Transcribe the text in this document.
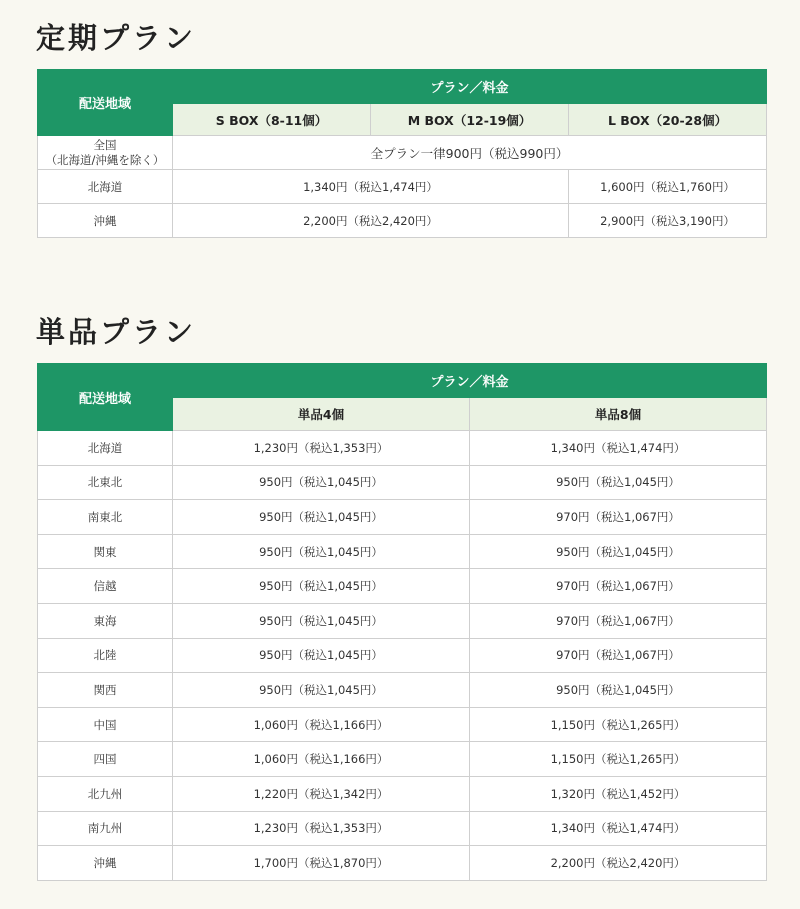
定期プラン
配送地域	プラン／料金		
	S BOX（8-11個）	M BOX（12-19個）	L BOX（20-28個）
全国
（北海道/沖縄を除く）	全プラン一律900円（税込990円）		
北海道	1,340円（税込1,474円）		1,600円（税込1,760円）
沖縄	2,200円（税込2,420円）		2,900円（税込3,190円）
単品プラン
配送地域	プラン／料金	
	単品4個	単品8個
北海道	1,230円（税込1,353円）	1,340円（税込1,474円）
北東北	950円（税込1,045円）	950円（税込1,045円）
南東北	950円（税込1,045円）	970円（税込1,067円）
関東	950円（税込1,045円）	950円（税込1,045円）
信越	950円（税込1,045円）	970円（税込1,067円）
東海	950円（税込1,045円）	970円（税込1,067円）
北陸	950円（税込1,045円）	970円（税込1,067円）
関西	950円（税込1,045円）	950円（税込1,045円）
中国	1,060円（税込1,166円）	1,150円（税込1,265円）
四国	1,060円（税込1,166円）	1,150円（税込1,265円）
北九州	1,220円（税込1,342円）	1,320円（税込1,452円）
南九州	1,230円（税込1,353円）	1,340円（税込1,474円）
沖縄	1,700円（税込1,870円）	2,200円（税込2,420円）
